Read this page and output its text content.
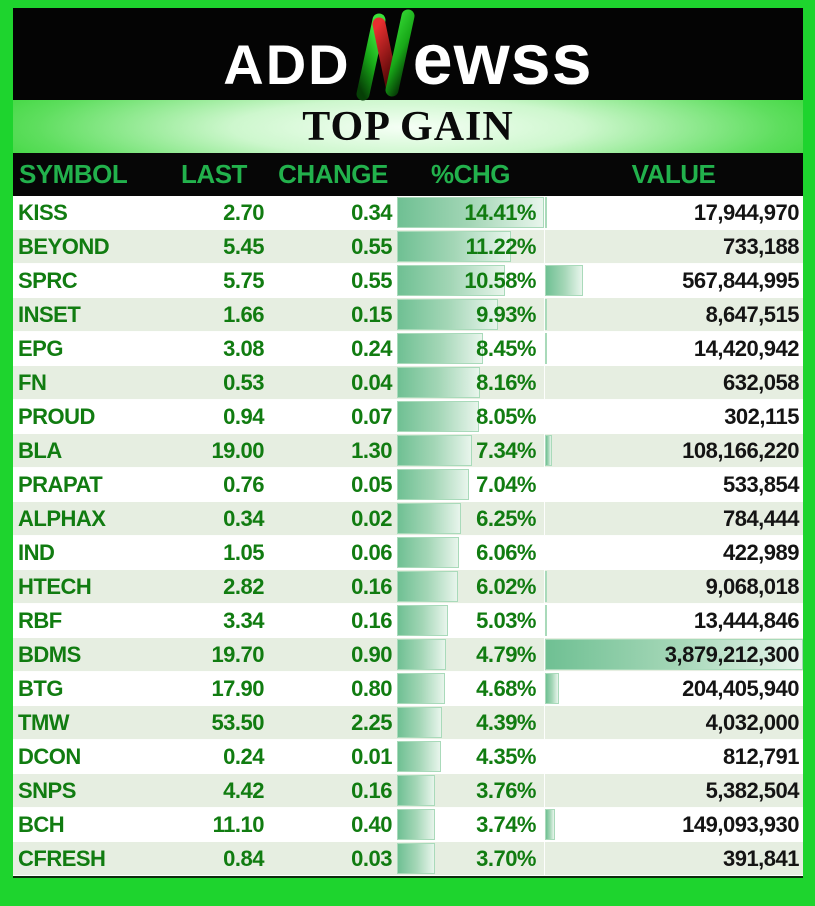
ADD ewss
TOP GAIN
SYMBOL	LAST	CHANGE	%CHG	VALUE
KISS	2.70	0.34	14.41%	17,944,970
BEYOND	5.45	0.55	11.22%	733,188
SPRC	5.75	0.55	10.58%	567,844,995
INSET	1.66	0.15	9.93%	8,647,515
EPG	3.08	0.24	8.45%	14,420,942
FN	0.53	0.04	8.16%	632,058
PROUD	0.94	0.07	8.05%	302,115
BLA	19.00	1.30	7.34%	108,166,220
PRAPAT	0.76	0.05	7.04%	533,854
ALPHAX	0.34	0.02	6.25%	784,444
IND	1.05	0.06	6.06%	422,989
HTECH	2.82	0.16	6.02%	9,068,018
RBF	3.34	0.16	5.03%	13,444,846
BDMS	19.70	0.90	4.79%	3,879,212,300
BTG	17.90	0.80	4.68%	204,405,940
TMW	53.50	2.25	4.39%	4,032,000
DCON	0.24	0.01	4.35%	812,791
SNPS	4.42	0.16	3.76%	5,382,504
BCH	11.10	0.40	3.74%	149,093,930
CFRESH	0.84	0.03	3.70%	391,841
